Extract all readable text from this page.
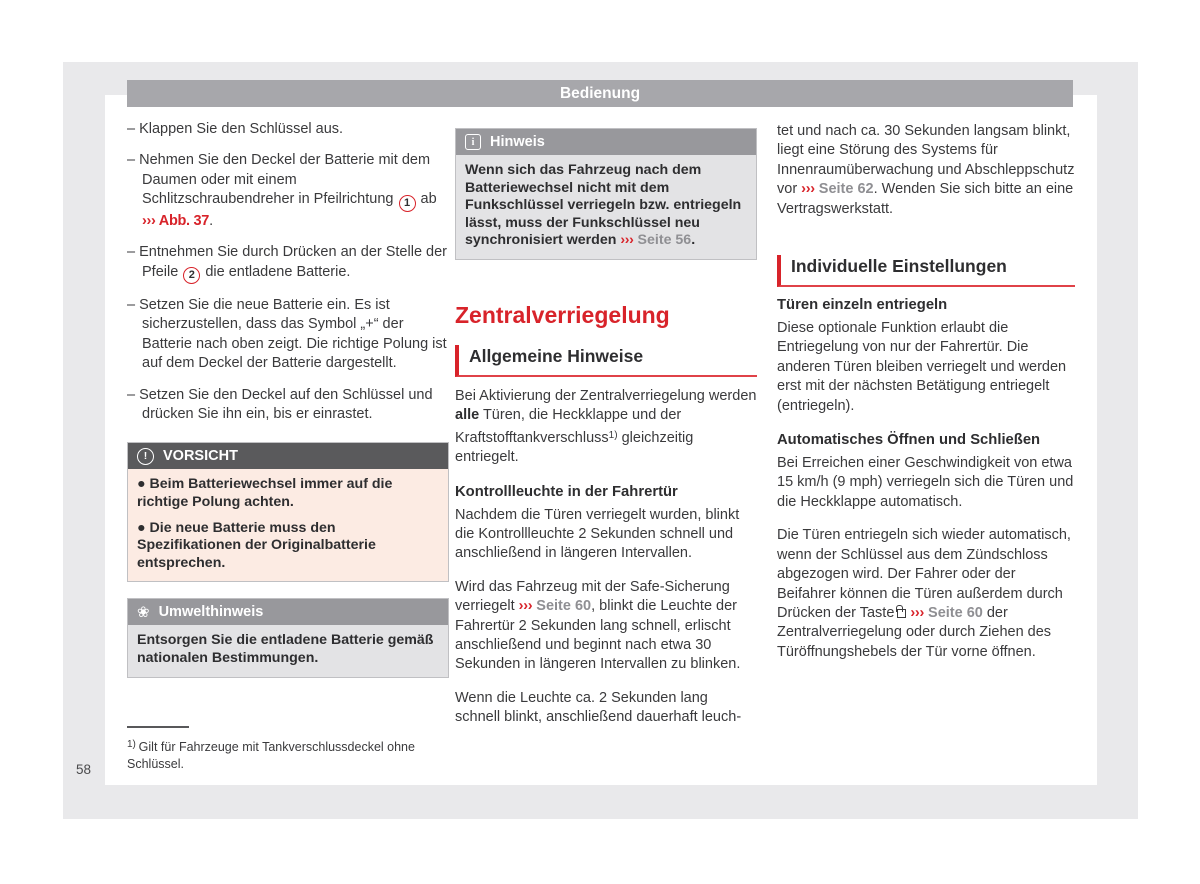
Bedienung
– Klappen Sie den Schlüssel aus.
– Nehmen Sie den Deckel der Batterie mit dem Daumen oder mit einem Schlitzschraubendreher in Pfeilrichtung 1 ab ››› Abb. 37.
– Entnehmen Sie durch Drücken an der Stelle der Pfeile 2 die entladene Batterie.
– Setzen Sie die neue Batterie ein. Es ist sicherzustellen, dass das Symbol „+“ der Batterie nach oben zeigt. Die richtige Polung ist auf dem Deckel der Batterie dargestellt.
– Setzen Sie den Deckel auf den Schlüssel und drücken Sie ihn ein, bis er einrastet.
!	VORSICHT
● Beim Batteriewechsel immer auf die richtige Polung achten.
● Die neue Batterie muss den Spezifikationen der Originalbatterie entsprechen.
❀ Umwelthinweis
Entsorgen Sie die entladene Batterie gemäß nationalen Bestimmungen.
i	Hinweis
Wenn sich das Fahrzeug nach dem Batteriewechsel nicht mit dem Funkschlüssel verriegeln bzw. entriegeln lässt, muss der Funkschlüssel neu synchronisiert werden ››› Seite 56.
Zentralverriegelung
Allgemeine Hinweise

Bei Aktivierung der Zentralverriegelung werden alle Türen, die Heckklappe und der Kraftstofftankverschluss$^{1)}$ gleichzeitig entriegelt.

Kontrollleuchte in der Fahrertür

Nachdem die Türen verriegelt wurden, blinkt die Kontrollleuchte 2 Sekunden schnell und anschließend in längeren Intervallen.

Wird das Fahrzeug mit der Safe-Sicherung verriegelt ››› Seite 60, blinkt die Leuchte der Fahrertür 2 Sekunden lang schnell, erlischt anschließend und beginnt nach etwa 30 Sekunden in längeren Intervallen zu blinken.

Wenn die Leuchte ca. 2 Sekunden lang schnell blinkt, anschließend dauerhaft leuch-

tet und nach ca. 30 Sekunden langsam blinkt, liegt eine Störung des Systems für Innenraumüberwachung und Abschleppschutz vor ››› Seite 62. Wenden Sie sich bitte an eine Vertragswerkstatt.

Individuelle Einstellungen
Türen einzeln entriegeln

Diese optionale Funktion erlaubt die Entriegelung von nur der Fahrertür. Die anderen Türen bleiben verriegelt und werden erst mit der nächsten Betätigung entriegelt (entriegeln).

Automatisches Öffnen und Schließen

Bei Erreichen einer Geschwindigkeit von etwa 15 km/h (9 mph) verriegeln sich die Türen und die Heckklappe automatisch.

Die Türen entriegeln sich wieder automatisch, wenn der Schlüssel aus dem Zündschloss abgezogen wird. Der Fahrer oder der Beifahrer können die Türen außerdem durch Drücken der Taste ››› Seite 60 der Zentralverriegelung oder durch Ziehen des Türöffnungshebels der Tür vorne öffnen.

$^{1)}$ Gilt für Fahrzeuge mit Tankverschlussdeckel ohne Schlüssel.
58
